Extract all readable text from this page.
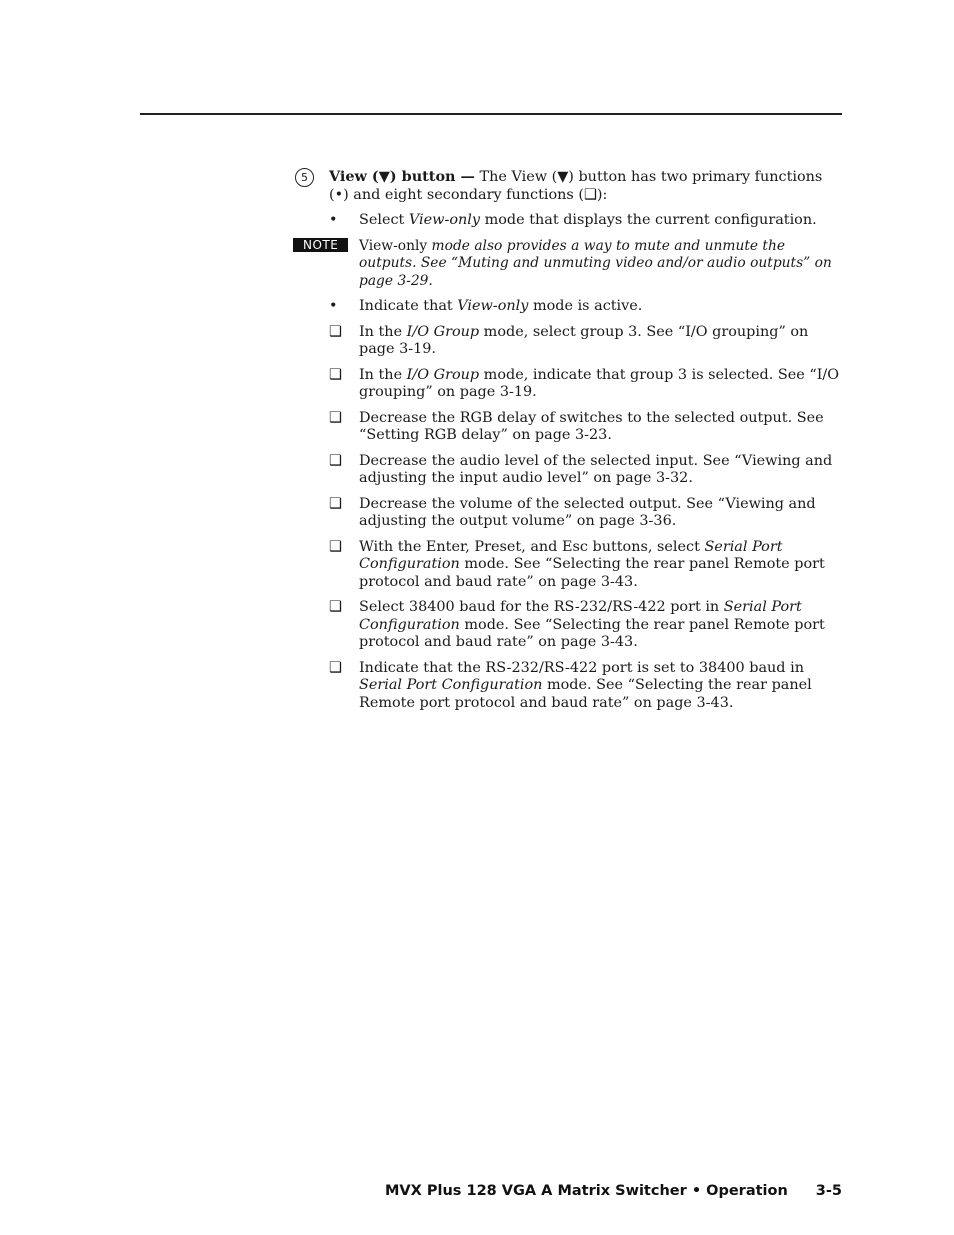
5	View (▼) button — The View (▼) button has two primary functions (•) and eight secondary functions (❑):
• Select View-only mode that displays the current configuration.
NOTE	View-only mode also provides a way to mute and unmute the outputs. See “Muting and unmuting video and/or audio outputs” on page 3-29.
• Indicate that View-only mode is active.
❑ In the I/O Group mode, select group 3. See “I/O grouping” on page 3-19.
❑ In the I/O Group mode, indicate that group 3 is selected. See “I/O grouping” on page 3-19.
❑ Decrease the RGB delay of switches to the selected output. See “Setting RGB delay” on page 3-23.
❑ Decrease the audio level of the selected input. See “Viewing and adjusting the input audio level” on page 3-32.
❑ Decrease the volume of the selected output. See “Viewing and adjusting the output volume” on page 3-36.
❑ With the Enter, Preset, and Esc buttons, select Serial Port Configuration mode. See “Selecting the rear panel Remote port protocol and baud rate” on page 3-43.
❑ Select 38400 baud for the RS-232/RS-422 port in Serial Port Configuration mode. See “Selecting the rear panel Remote port protocol and baud rate” on page 3-43.
❑ Indicate that the RS-232/RS-422 port is set to 38400 baud in Serial Port Configuration mode. See “Selecting the rear panel Remote port protocol and baud rate” on page 3-43.
MVX Plus 128 VGA A Matrix Switcher • Operation 3-5
